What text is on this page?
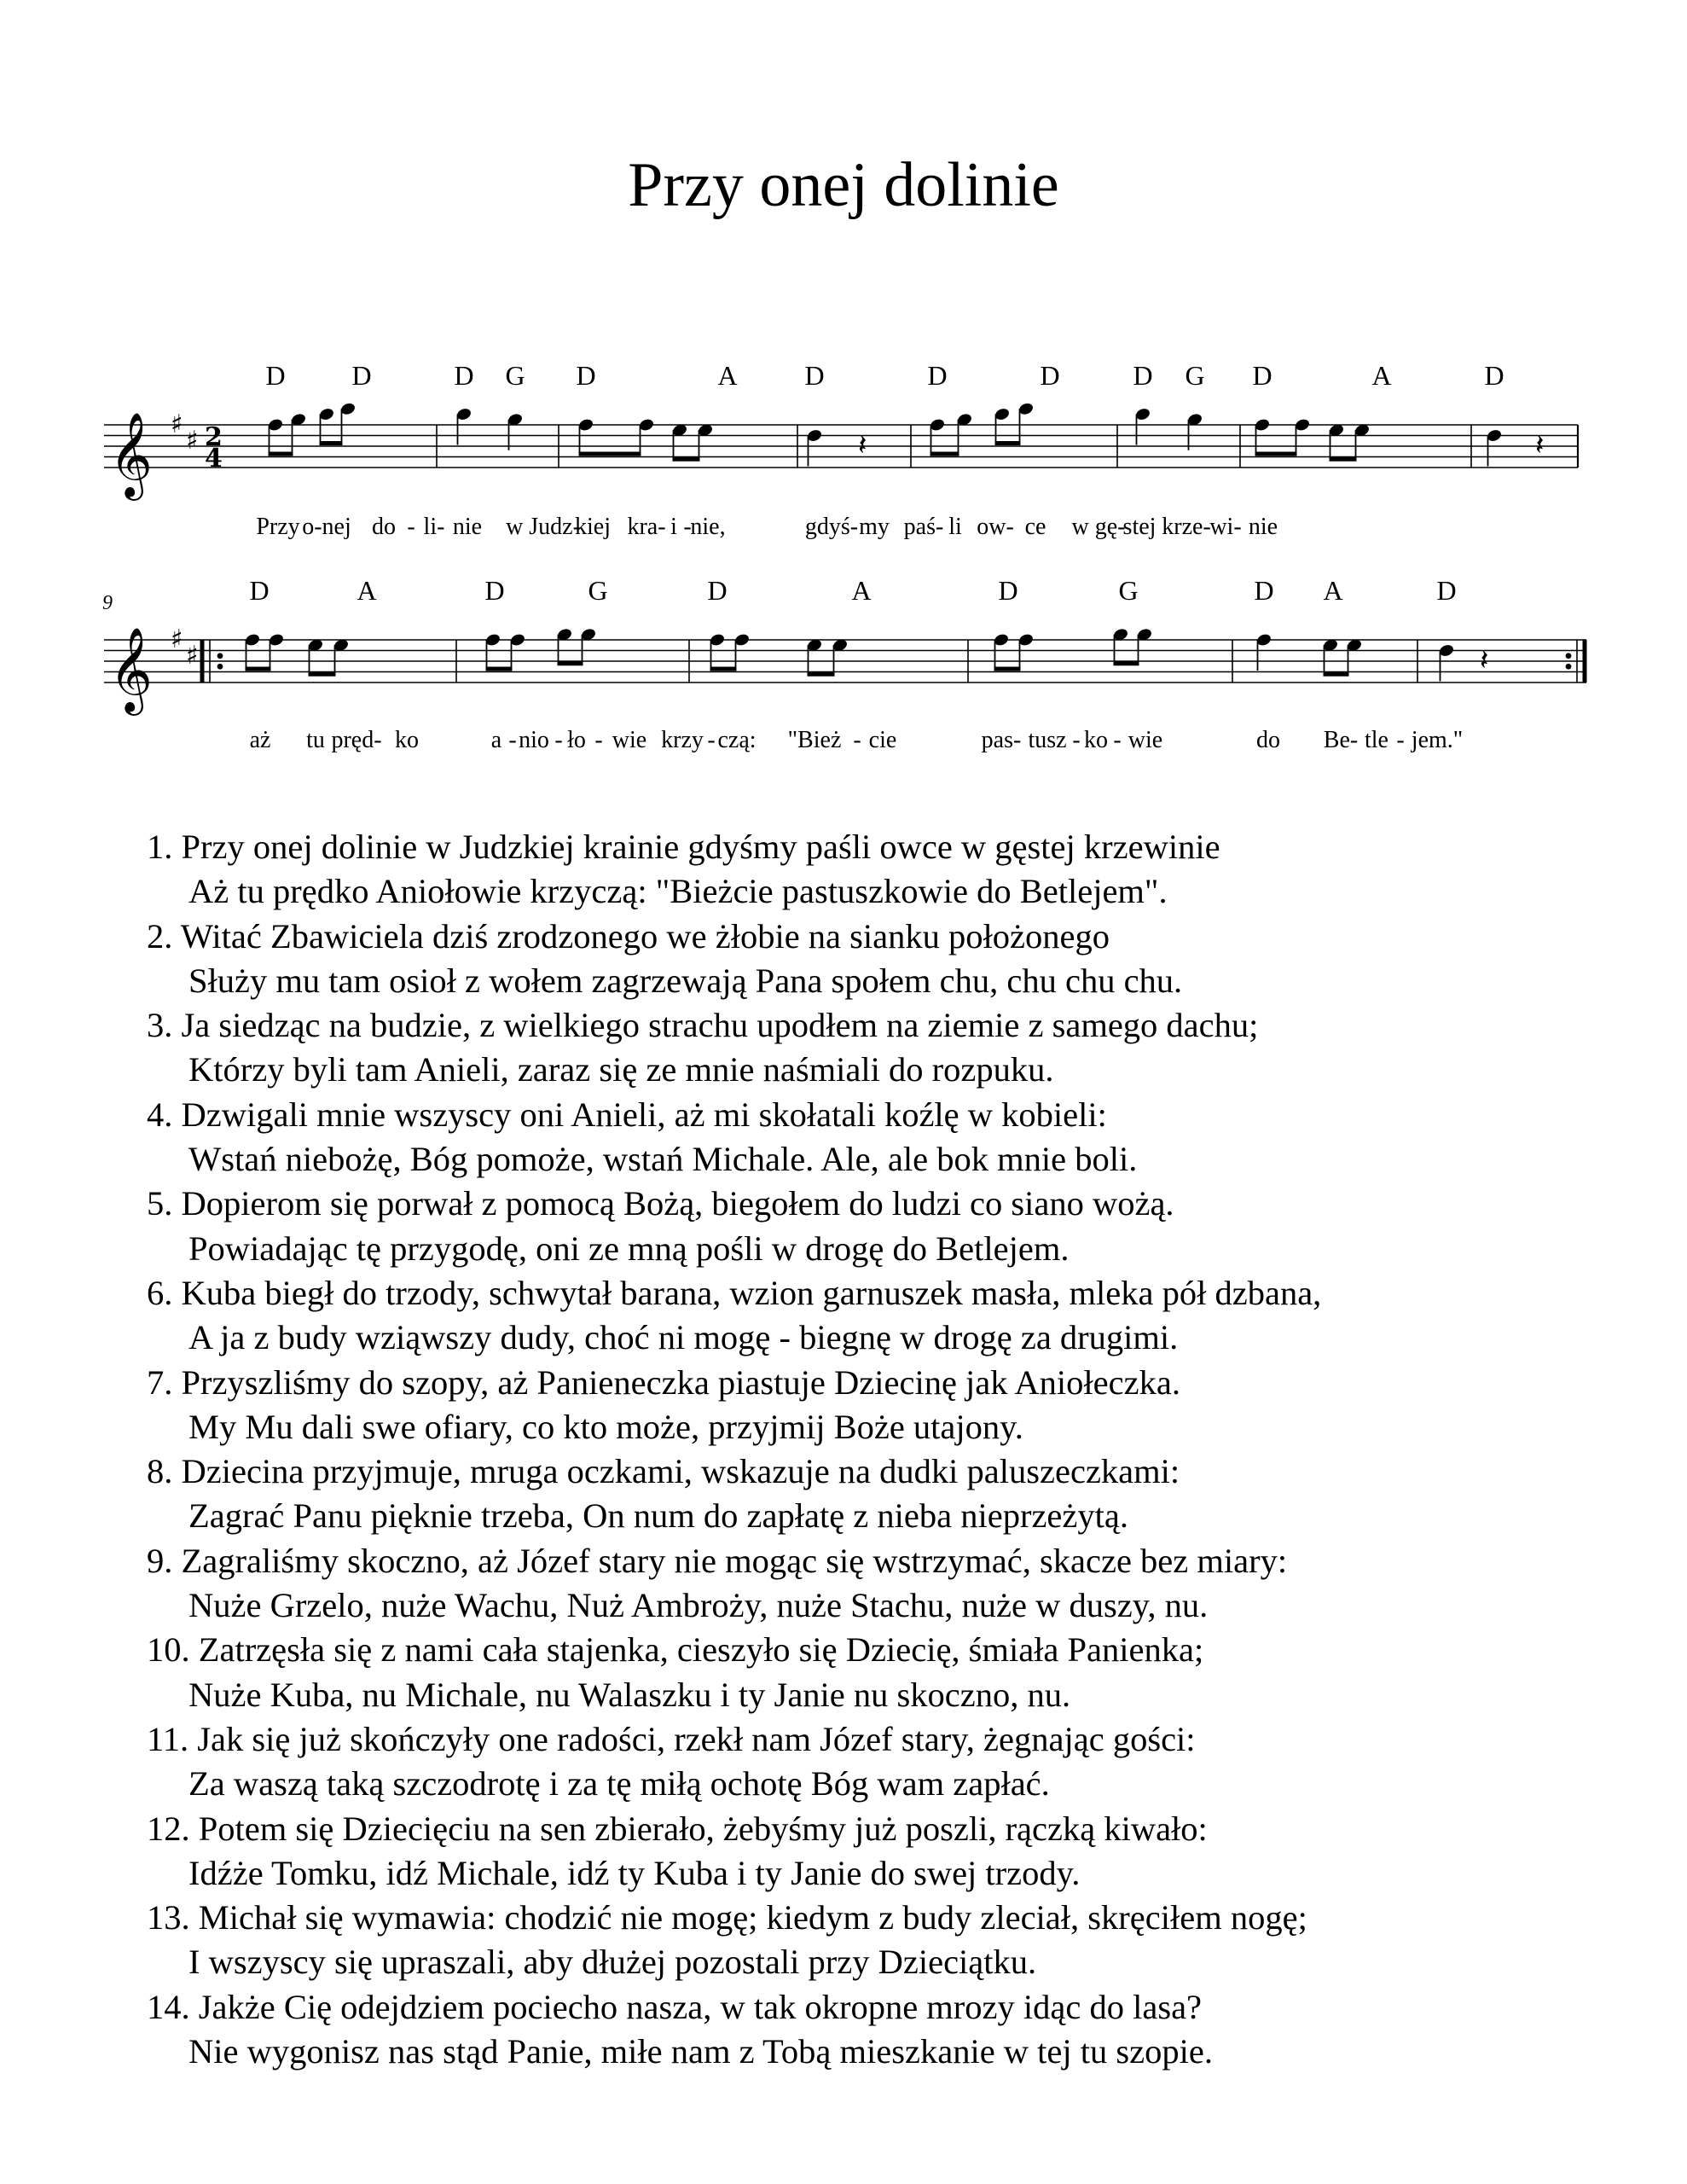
Przy onej dolinie
D D	D G D	A D	D	D	D G D	A	D
𝄞 ♯
♯ 2
4	𝄽	𝄽
Przy o-nej do - li- nie w Judz-
kiej kra- i -
nie,	gdyś- my paś- li ow- ce w gę-
stej krze-
wi- nie
9	D	A	D	G	D	A	D	G	D A	D
𝄞 ♯
♯	𝄽
aż tu pręd- ko	a - nio - ło - wie krzy - czą: "Bież - cie	pas- tusz - ko - wie	do Be- tle - jem."
1. Przy onej dolinie w Judzkiej krainie gdyśmy paśli owce w gęstej krzewinie
Aż tu prędko Aniołowie krzyczą: "Bieżcie pastuszkowie do Betlejem".
2. Witać Zbawiciela dziś zrodzonego we żłobie na sianku położonego
Służy mu tam osioł z wołem zagrzewają Pana społem chu, chu chu chu.
3. Ja siedząc na budzie, z wielkiego strachu upodłem na ziemie z samego dachu;
Którzy byli tam Anieli, zaraz się ze mnie naśmiali do rozpuku.
4. Dzwigali mnie wszyscy oni Anieli, aż mi skołatali koźlę w kobieli:
Wstań niebożę, Bóg pomoże, wstań Michale. Ale, ale bok mnie boli.
5. Dopierom się porwał z pomocą Bożą, biegołem do ludzi co siano wożą.
Powiadając tę przygodę, oni ze mną pośli w drogę do Betlejem.
6. Kuba biegł do trzody, schwytał barana, wzion garnuszek masła, mleka pół dzbana,
A ja z budy wziąwszy dudy, choć ni mogę - biegnę w drogę za drugimi.
7. Przyszliśmy do szopy, aż Panieneczka piastuje Dziecinę jak Aniołeczka.
My Mu dali swe ofiary, co kto może, przyjmij Boże utajony.
8. Dziecina przyjmuje, mruga oczkami, wskazuje na dudki paluszeczkami:
Zagrać Panu pięknie trzeba, On num do zapłatę z nieba nieprzeżytą.
9. Zagraliśmy skoczno, aż Józef stary nie mogąc się wstrzymać, skacze bez miary:
Nuże Grzelo, nuże Wachu, Nuż Ambroży, nuże Stachu, nuże w duszy, nu.
10. Zatrzęsła się z nami cała stajenka, cieszyło się Dziecię, śmiała Panienka;
Nuże Kuba, nu Michale, nu Walaszku i ty Janie nu skoczno, nu.
11. Jak się już skończyły one radości, rzekł nam Józef stary, żegnając gości:
Za waszą taką szczodrotę i za tę miłą ochotę Bóg wam zapłać.
12. Potem się Dziecięciu na sen zbierało, żebyśmy już poszli, rączką kiwało:
Idźże Tomku, idź Michale, idź ty Kuba i ty Janie do swej trzody.
13. Michał się wymawia: chodzić nie mogę; kiedym z budy zleciał, skręciłem nogę;
I wszyscy się upraszali, aby dłużej pozostali przy Dzieciątku.
14. Jakże Cię odejdziem pociecho nasza, w tak okropne mrozy idąc do lasa?
Nie wygonisz nas stąd Panie, miłe nam z Tobą mieszkanie w tej tu szopie.
